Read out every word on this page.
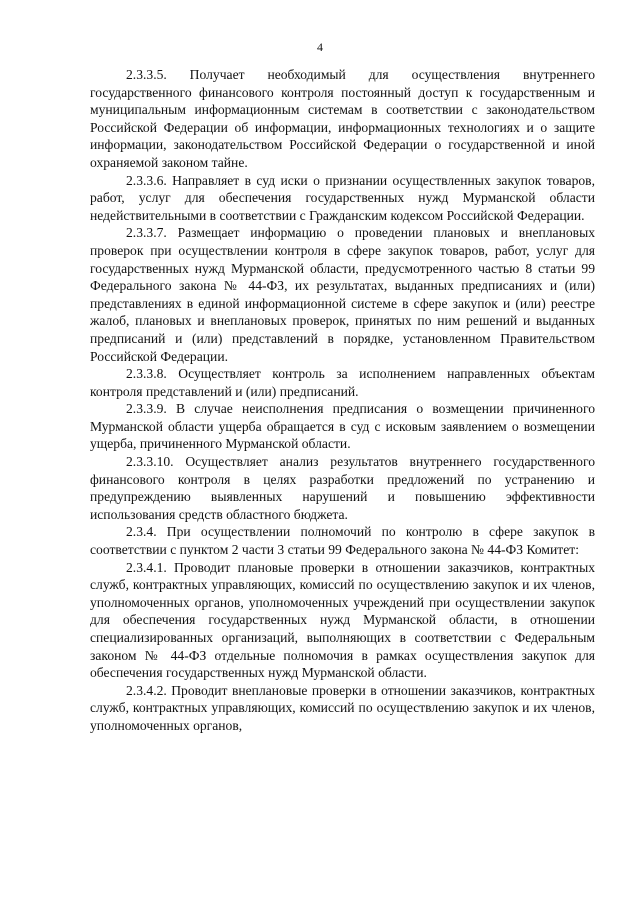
4

2.3.3.5. Получает необходимый для осуществления внутреннего государственного финансового контроля постоянный доступ к государственным и муниципальным информационным системам в соответствии с законодательством Российской Федерации об информации, информационных технологиях и о защите информации, законодательством Российской Федерации о государственной и иной охраняемой законом тайне.

2.3.3.6. Направляет в суд иски о признании осуществленных закупок товаров, работ, услуг для обеспечения государственных нужд Мурманской области недействительными в соответствии с Гражданским кодексом Российской Федерации.

2.3.3.7. Размещает информацию о проведении плановых и внеплановых проверок при осуществлении контроля в сфере закупок товаров, работ, услуг для государственных нужд Мурманской области, предусмотренного частью 8 статьи 99 Федерального закона № 44-ФЗ, их результатах, выданных предписаниях и (или) представлениях в единой информационной системе в сфере закупок и (или) реестре жалоб, плановых и внеплановых проверок, принятых по ним решений и выданных предписаний и (или) представлений в порядке, установленном Правительством Российской Федерации.

2.3.3.8. Осуществляет контроль за исполнением направленных объектам контроля представлений и (или) предписаний.

2.3.3.9. В случае неисполнения предписания о возмещении причиненного Мурманской области ущерба обращается в суд с исковым заявлением о возмещении ущерба, причиненного Мурманской области.

2.3.3.10. Осуществляет анализ результатов внутреннего государственного финансового контроля в целях разработки предложений по устранению и предупреждению выявленных нарушений и повышению эффективности использования средств областного бюджета.

2.3.4. При осуществлении полномочий по контролю в сфере закупок в соответствии с пунктом 2 части 3 статьи 99 Федерального закона № 44-ФЗ Комитет:

2.3.4.1. Проводит плановые проверки в отношении заказчиков, контрактных служб, контрактных управляющих, комиссий по осуществлению закупок и их членов, уполномоченных органов, уполномоченных учреждений при осуществлении закупок для обеспечения государственных нужд Мурманской области, в отношении специализированных организаций, выполняющих в соответствии с Федеральным законом № 44-ФЗ отдельные полномочия в рамках осуществления закупок для обеспечения государственных нужд Мурманской области.

2.3.4.2. Проводит внеплановые проверки в отношении заказчиков, контрактных служб, контрактных управляющих, комиссий по осуществлению закупок и их членов, уполномоченных органов,
